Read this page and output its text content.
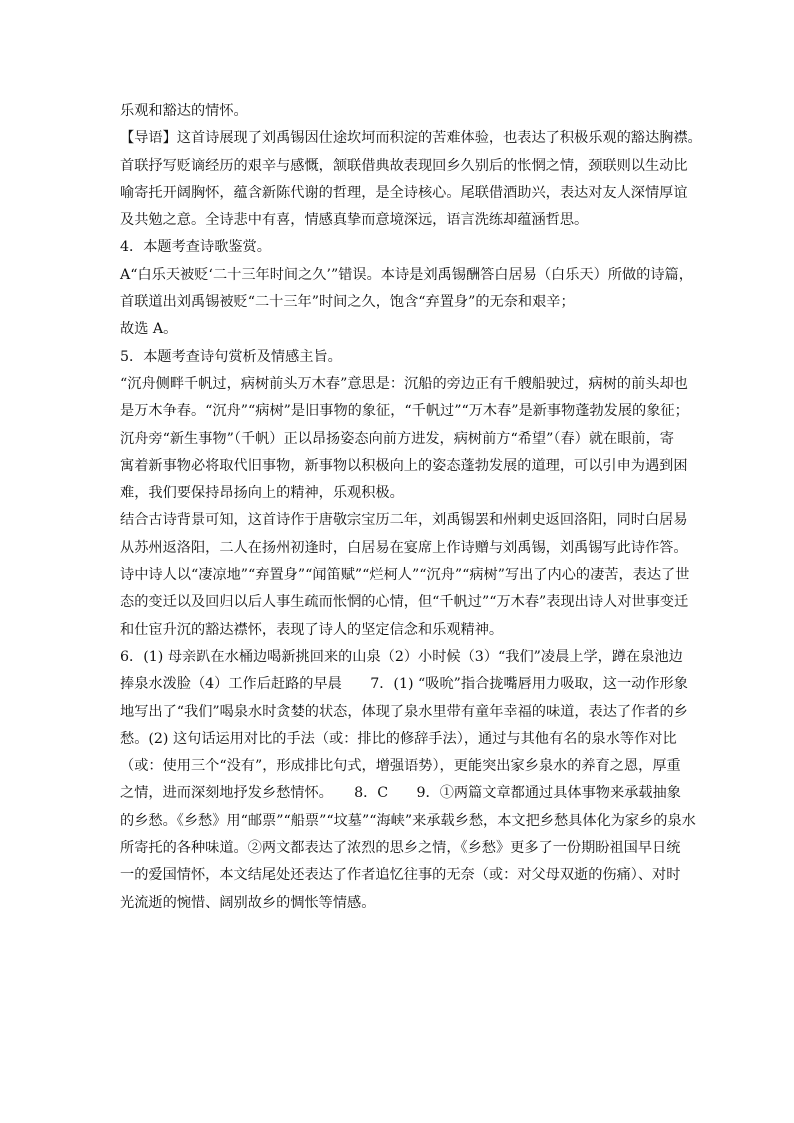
乐观和豁达的情怀。
【导语】这首诗展现了刘禹锡因仕途坎坷而积淀的苦难体验，也表达了积极乐观的豁达胸襟。
首联抒写贬谪经历的艰辛与感慨，颔联借典故表现回乡久别后的怅惘之情，颈联则以生动比
喻寄托开阔胸怀，蕴含新陈代谢的哲理，是全诗核心。尾联借酒助兴，表达对友人深情厚谊
及共勉之意。全诗悲中有喜，情感真挚而意境深远，语言洗练却蕴涵哲思。
4．本题考查诗歌鉴赏。
A“白乐天被贬‘二十三年时间之久’”错误。本诗是刘禹锡酬答白居易（白乐天）所做的诗篇，
首联道出刘禹锡被贬“二十三年”时间之久，饱含“弃置身”的无奈和艰辛；
故选 A。
5．本题考查诗句赏析及情感主旨。
“沉舟侧畔千帆过，病树前头万木春”意思是：沉船的旁边正有千艘船驶过，病树的前头却也
是万木争春。“沉舟”“病树”是旧事物的象征，“千帆过”“万木春”是新事物蓬勃发展的象征；
沉舟旁“新生事物”（千帆）正以昂扬姿态向前方进发，病树前方“希望”（春）就在眼前，寄
寓着新事物必将取代旧事物，新事物以积极向上的姿态蓬勃发展的道理，可以引申为遇到困
难，我们要保持昂扬向上的精神，乐观积极。
结合古诗背景可知，这首诗作于唐敬宗宝历二年，刘禹锡罢和州刺史返回洛阳，同时白居易
从苏州返洛阳，二人在扬州初逢时，白居易在宴席上作诗赠与刘禹锡，刘禹锡写此诗作答。
诗中诗人以“凄凉地”“弃置身”“闻笛赋”“烂柯人”“沉舟”“病树”写出了内心的凄苦，表达了世
态的变迁以及回归以后人事生疏而怅惘的心情，但“千帆过”“万木春”表现出诗人对世事变迁
和仕宦升沉的豁达襟怀，表现了诗人的坚定信念和乐观精神。
6．(1) 母亲趴在水桶边喝新挑回来的山泉（2）小时候（3）“我们”凌晨上学，蹲在泉池边
捧泉水泼脸（4）工作后赶路的早晨　　7．(1) “吸吮”指合拢嘴唇用力吸取，这一动作形象
地写出了“我们”喝泉水时贪婪的状态，体现了泉水里带有童年幸福的味道，表达了作者的乡
愁。(2) 这句话运用对比的手法（或：排比的修辞手法），通过与其他有名的泉水等作对比
（或：使用三个“没有”，形成排比句式，增强语势），更能突出家乡泉水的养育之恩，厚重
之情，进而深刻地抒发乡愁情怀。　　8．C　　9．①两篇文章都通过具体事物来承载抽象
的乡愁。《乡愁》用“邮票”“船票”“坟墓”“海峡”来承载乡愁，本文把乡愁具体化为家乡的泉水
所寄托的各种味道。②两文都表达了浓烈的思乡之情，《乡愁》更多了一份期盼祖国早日统
一的爱国情怀，本文结尾处还表达了作者追忆往事的无奈（或：对父母双逝的伤痛）、对时
光流逝的惋惜、阔别故乡的惆怅等情感。
